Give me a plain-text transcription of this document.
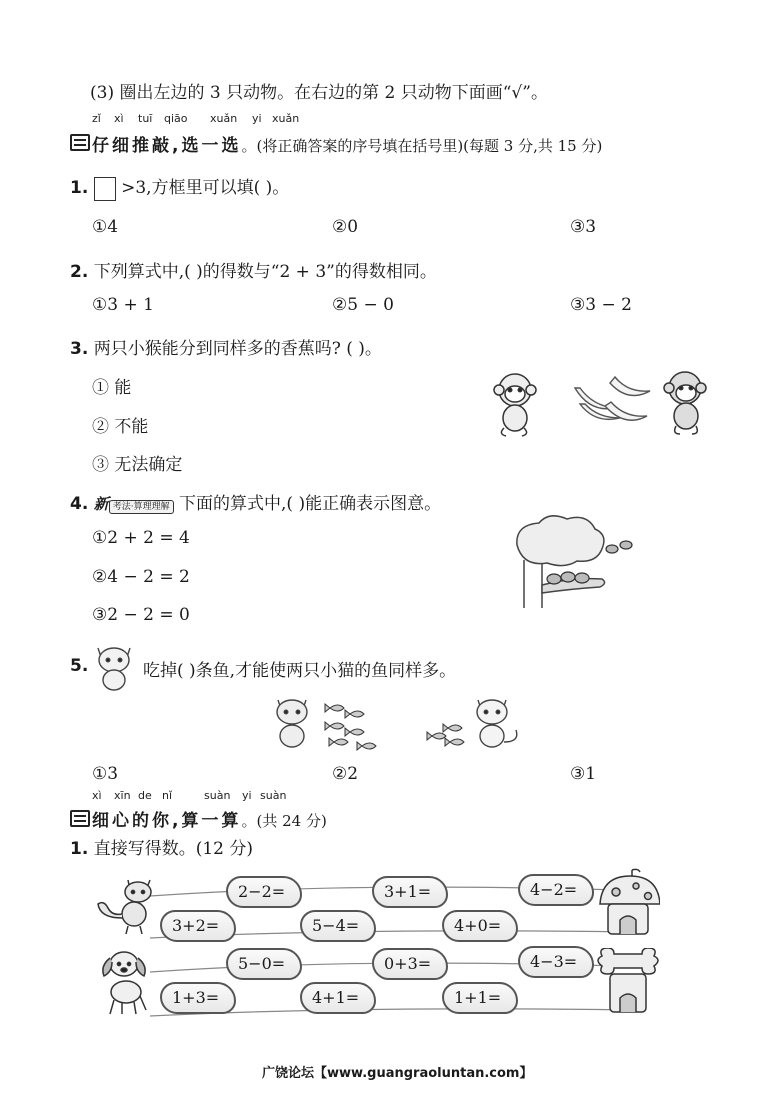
(3) 圈出左边的 3 只动物。在右边的第 2 只动物下面画“√”。
zǐ xì tuī qiāo xuǎn yi xuǎn
仔细推敲,选一选。(将正确答案的序号填在括号里)(每题 3 分,共 15 分)
1. >3,方框里可以填( )。
①4	②0	③3
2. 下列算式中,( )的得数与“2 + 3”的得数相同。
①3 + 1	②5 − 0	③3 − 2
3. 两只小猴能分到同样多的香蕉吗? ( )。
① 能
② 不能
③ 无法确定
4. 新 考法·算理理解 下面的算式中,( )能正确表示图意。
①2 + 2 = 4
②4 − 2 = 2
③2 − 2 = 0
5.	吃掉( )条鱼,才能使两只小猫的鱼同样多。
①3	②2	③1
xì xīn de nǐ	suàn yi suàn
细心的你,算一算。(共 24 分)
1. 直接写得数。(12 分)
2−2=	3+1=	4−2=
3+2=	5−4=	4+0=
5−0=	0+3=	4−3=
1+3=	4+1=	1+1=
广饶论坛【www.guangraoluntan.com】
